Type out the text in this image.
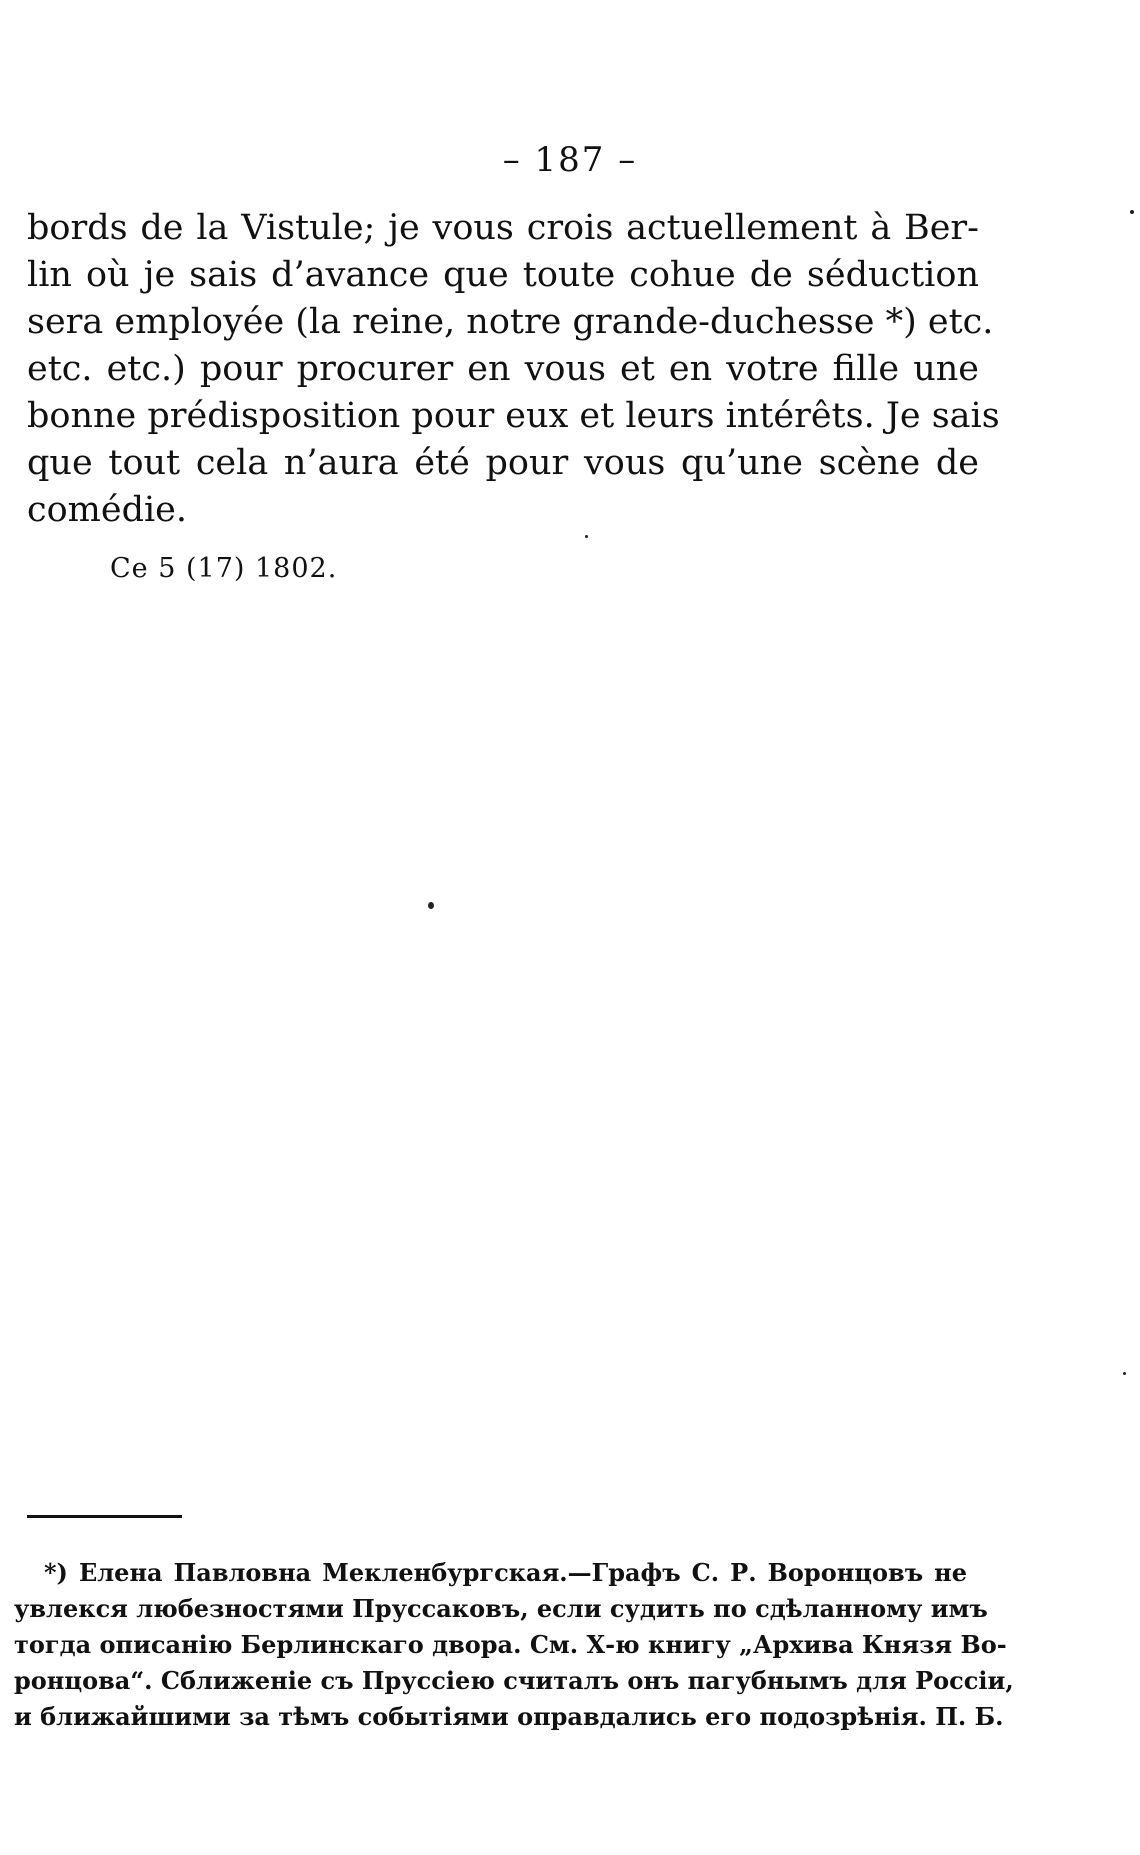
– 187 –
bords de la Vistule; je vous crois actuellement à Ber-
lin où je sais d’avance que toute cohue de séduction
sera employée (la reine, notre grande-duchesse *) etc.
etc. etc.) pour procurer en vous et en votre fille une
bonne prédisposition pour eux et leurs intérêts. Je sais
que tout cela n’aura été pour vous qu’une scène de
comédie.
Ce 5 (17) 1802.
*) Елена Павловна Мекленбургская.—Графъ С. Р. Воронцовъ не
увлекся любезностями Пруссаковъ, если судить по сдѣланному имъ
тогда описанію Берлинскаго двора. См. Х-ю книгу „Архива Князя Во-
ронцова“. Сближеніе съ Пруссіею считалъ онъ пагубнымъ для Россіи,
и ближайшими за тѣмъ событіями оправдались его подозрѣнія. П. Б.
